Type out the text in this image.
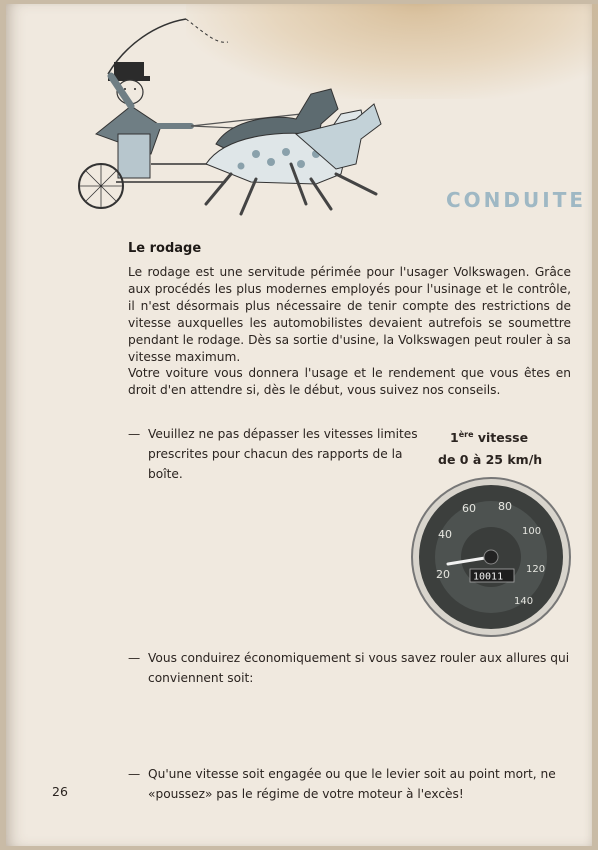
CONDUITE
Le rodage

Le rodage est une servitude périmée pour l'usager Volkswagen. Grâce aux procédés les plus modernes employés pour l'usinage et le contrôle, il n'est désormais plus nécessaire de tenir compte des restrictions de vitesse auxquelles les automobilistes devaient autrefois se soumettre pendant le rodage. Dès sa sortie d'usine, la Volkswagen peut rouler à sa vitesse maximum.

Votre voiture vous donnera l'usage et le rendement que vous êtes en droit d'en attendre si, dès le début, vous suivez nos conseils.

— Veuillez ne pas dépasser les vitesses limites
prescrites pour chacun des rapports de la boîte.
1ère vitesse
de 0 à 25 km/h
20
40
60 80
100
120
140
10011
— Vous conduirez économiquement si vous savez rouler aux allures qui
conviennent soit:
— Qu'une vitesse soit engagée ou que le levier soit au point mort, ne
«poussez» pas le régime de votre moteur à l'excès!
26
